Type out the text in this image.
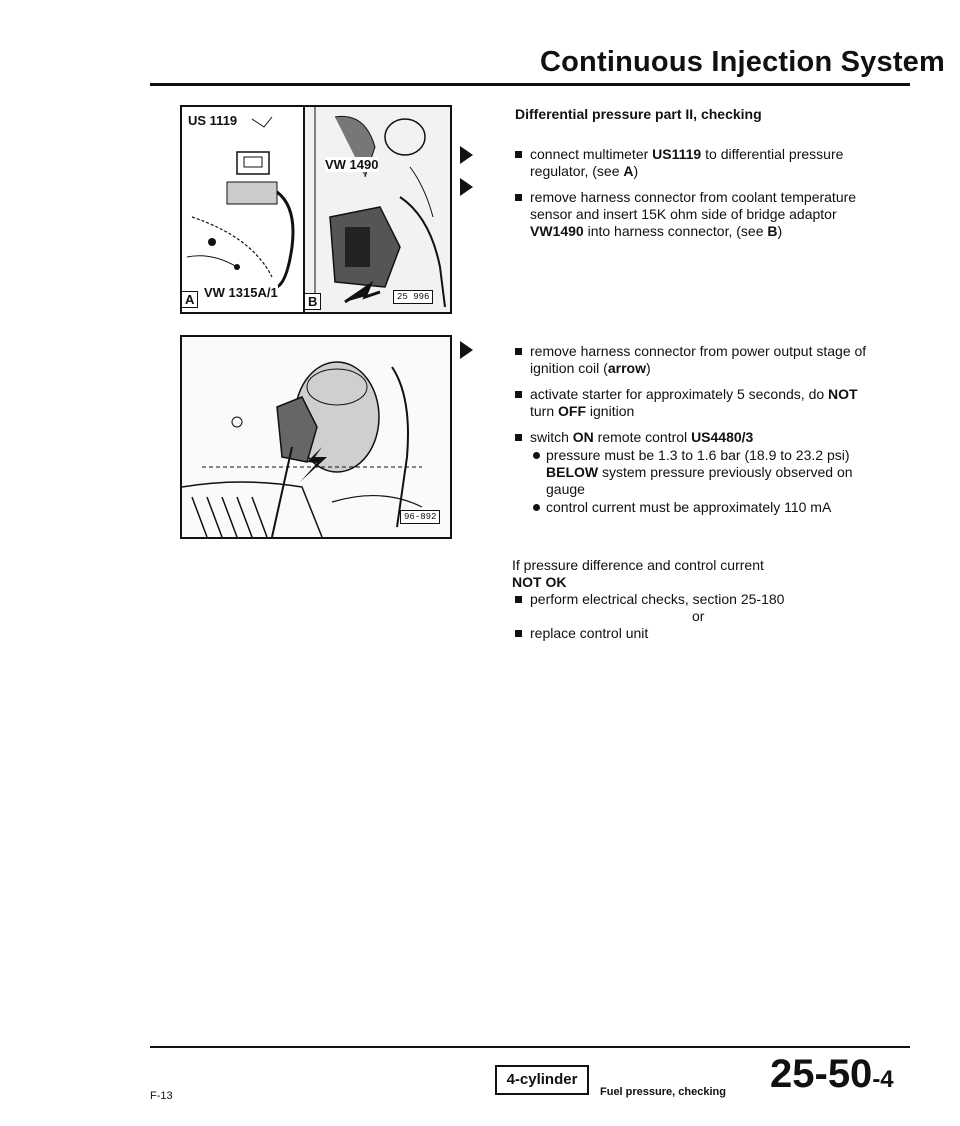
Continuous Injection System
US 1119
A VW 1315A/1
VW 1490
B	25 996
96-892
Differential pressure part II, checking
connect multimeter US1119 to differential pressure regulator, (see A)
remove harness connector from coolant temperature sensor and insert 15K ohm side of bridge adaptor VW1490 into harness connector, (see B)
remove harness connector from power output stage of ignition coil (arrow)
activate starter for approximately 5 seconds, do NOT turn OFF ignition
switch ON remote control US4480/3
pressure must be 1.3 to 1.6 bar (18.9 to 23.2 psi) BELOW system pressure previously observed on gauge
control current must be approximately 110 mA
If pressure difference and control current
NOT OK
perform electrical checks, section 25-180
or
replace control unit
F-13
4-cylinder
Fuel pressure, checking 25-50-4
